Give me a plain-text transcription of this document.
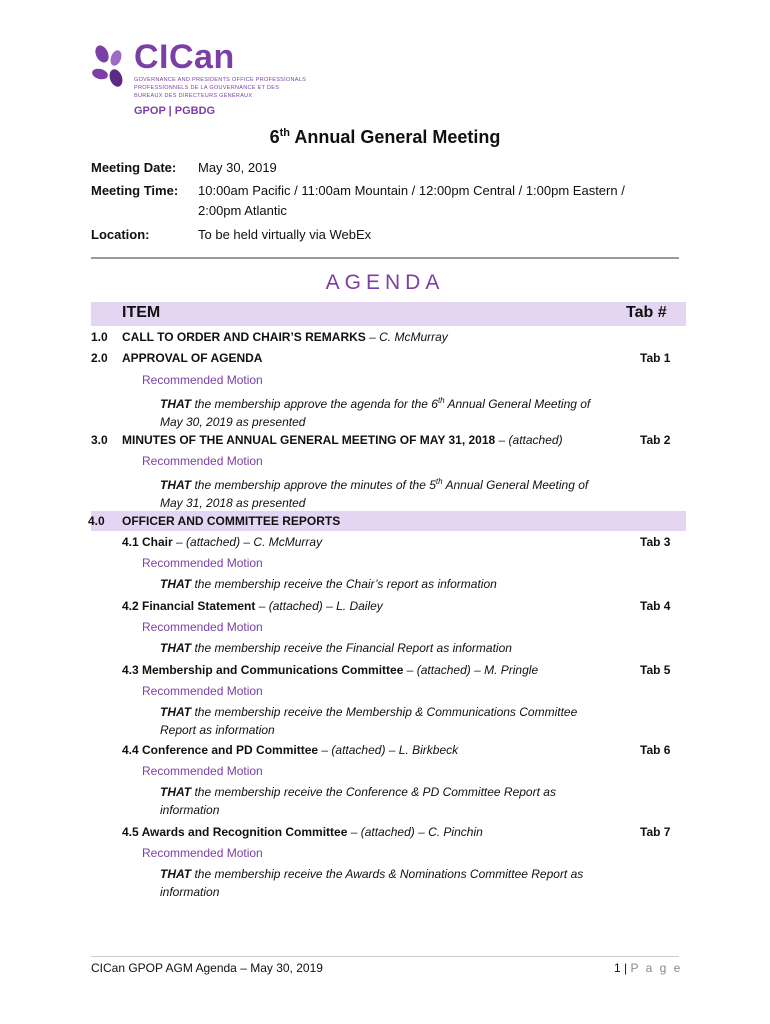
CICan
GOVERNANCE AND PRESIDENTS OFFICE PROFESSIONALS
PROFESSIONNELS DE LA GOUVERNANCE ET DES
BUREAUX DES DIRECTEURS GÉNÉRAUX
GPOP | PGBDG
6th Annual General Meeting
Meeting Date: May 30, 2019
Meeting Time: 10:00am Pacific / 11:00am Mountain / 12:00pm Central / 1:00pm Eastern /
2:00pm Atlantic
Location:	To be held virtually via WebEx
AGENDA
ITEM	Tab #
1.0 CALL TO ORDER AND CHAIR’S REMARKS – C. McMurray
2.0 APPROVAL OF AGENDA	Tab 1
Recommended Motion
THAT the membership approve the agenda for the 6th Annual General Meeting of
May 30, 2019 as presented
3.0 MINUTES OF THE ANNUAL GENERAL MEETING OF MAY 31, 2018 – (attached)	Tab 2
Recommended Motion
THAT the membership approve the minutes of the 5th Annual General Meeting of
May 31, 2018 as presented
4.0 OFFICER AND COMMITTEE REPORTS
4.1 Chair – (attached) – C. McMurray	Tab 3
Recommended Motion
THAT the membership receive the Chair’s report as information
4.2 Financial Statement – (attached) – L. Dailey	Tab 4
Recommended Motion
THAT the membership receive the Financial Report as information
4.3 Membership and Communications Committee – (attached) – M. Pringle	Tab 5
Recommended Motion
THAT the membership receive the Membership & Communications Committee
Report as information
4.4 Conference and PD Committee – (attached) – L. Birkbeck	Tab 6
Recommended Motion
THAT the membership receive the Conference & PD Committee Report as
information
4.5 Awards and Recognition Committee – (attached) – C. Pinchin	Tab 7
Recommended Motion
THAT the membership receive the Awards & Nominations Committee Report as
information
CICan GPOP AGM Agenda – May 30, 2019	1 | P a g e
